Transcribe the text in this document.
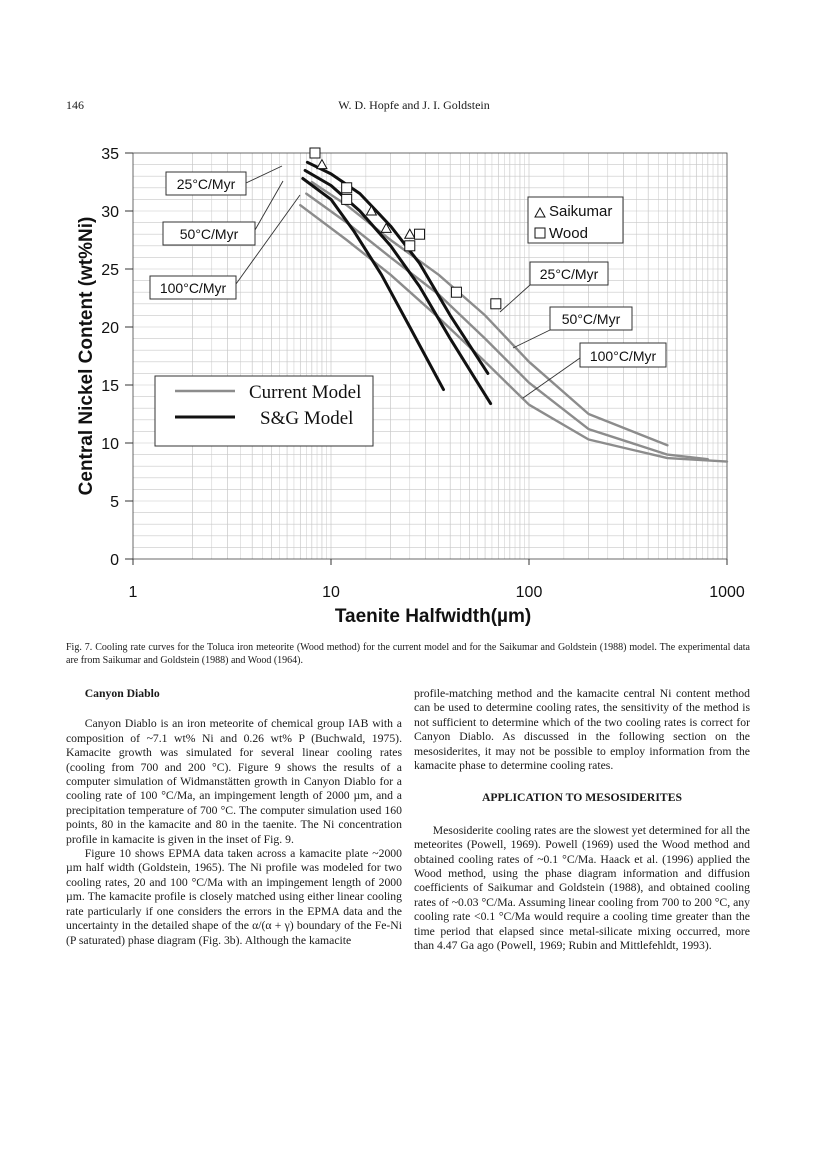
146	W. D. Hopfe and J. I. Goldstein
0
5
10
15
20
25
30
35
1	10	100	1000
Taenite Halfwidth(µm)
Central Nickel Content (wt%Ni)
25°C/Myr
50°C/Myr
100°C/Myr
25°C/Myr
50°C/Myr
100°C/Myr
Saikumar
Wood
Current Model
S&G Model
Fig. 7. Cooling rate curves for the Toluca iron meteorite (Wood method) for the current model and for the Saikumar and Goldstein (1988) model. The experimental data are from Saikumar and Goldstein (1988) and Wood (1964).

Canyon Diablo

Canyon Diablo is an iron meteorite of chemical group IAB with a composition of ~7.1 wt% Ni and 0.26 wt% P (Buchwald, 1975). Kamacite growth was simulated for several linear cooling rates (cooling from 700 and 200 °C). Figure 9 shows the results of a computer simulation of Widmanstätten growth in Canyon Diablo for a cooling rate of 100 °C/Ma, an impingement length of 2000 µm, and a precipitation temperature of 700 °C. The computer simulation used 160 points, 80 in the kamacite and 80 in the taenite. The Ni concentration profile in kamacite is given in the inset of Fig. 9.

Figure 10 shows EPMA data taken across a kamacite plate ~2000 µm half width (Goldstein, 1965). The Ni profile was modeled for two cooling rates, 20 and 100 °C/Ma with an impingement length of 2000 µm. The kamacite profile is closely matched using either linear cooling rate particularly if one considers the errors in the EPMA data and the uncertainty in the detailed shape of the α/(α + γ) boundary of the Fe-Ni (P saturated) phase diagram (Fig. 3b). Although the kamacite

profile-matching method and the kamacite central Ni content method can be used to determine cooling rates, the sensitivity of the method is not sufficient to determine which of the two cooling rates is correct for Canyon Diablo. As discussed in the following section on the mesosiderites, it may not be possible to employ information from the kamacite phase to determine cooling rates.

APPLICATION TO MESOSIDERITES

Mesosiderite cooling rates are the slowest yet determined for all the meteorites (Powell, 1969). Powell (1969) used the Wood method and obtained cooling rates of ~0.1 °C/Ma. Haack et al. (1996) applied the Wood method, using the phase diagram information and diffusion coefficients of Saikumar and Goldstein (1988), and obtained cooling rates of ~0.03 °C/Ma. Assuming linear cooling from 700 to 200 °C, any cooling rate <0.1 °C/Ma would require a cooling time greater than the time period that elapsed since metal-silicate mixing occurred, more than 4.47 Ga ago (Powell, 1969; Rubin and Mittlefehldt, 1993).
